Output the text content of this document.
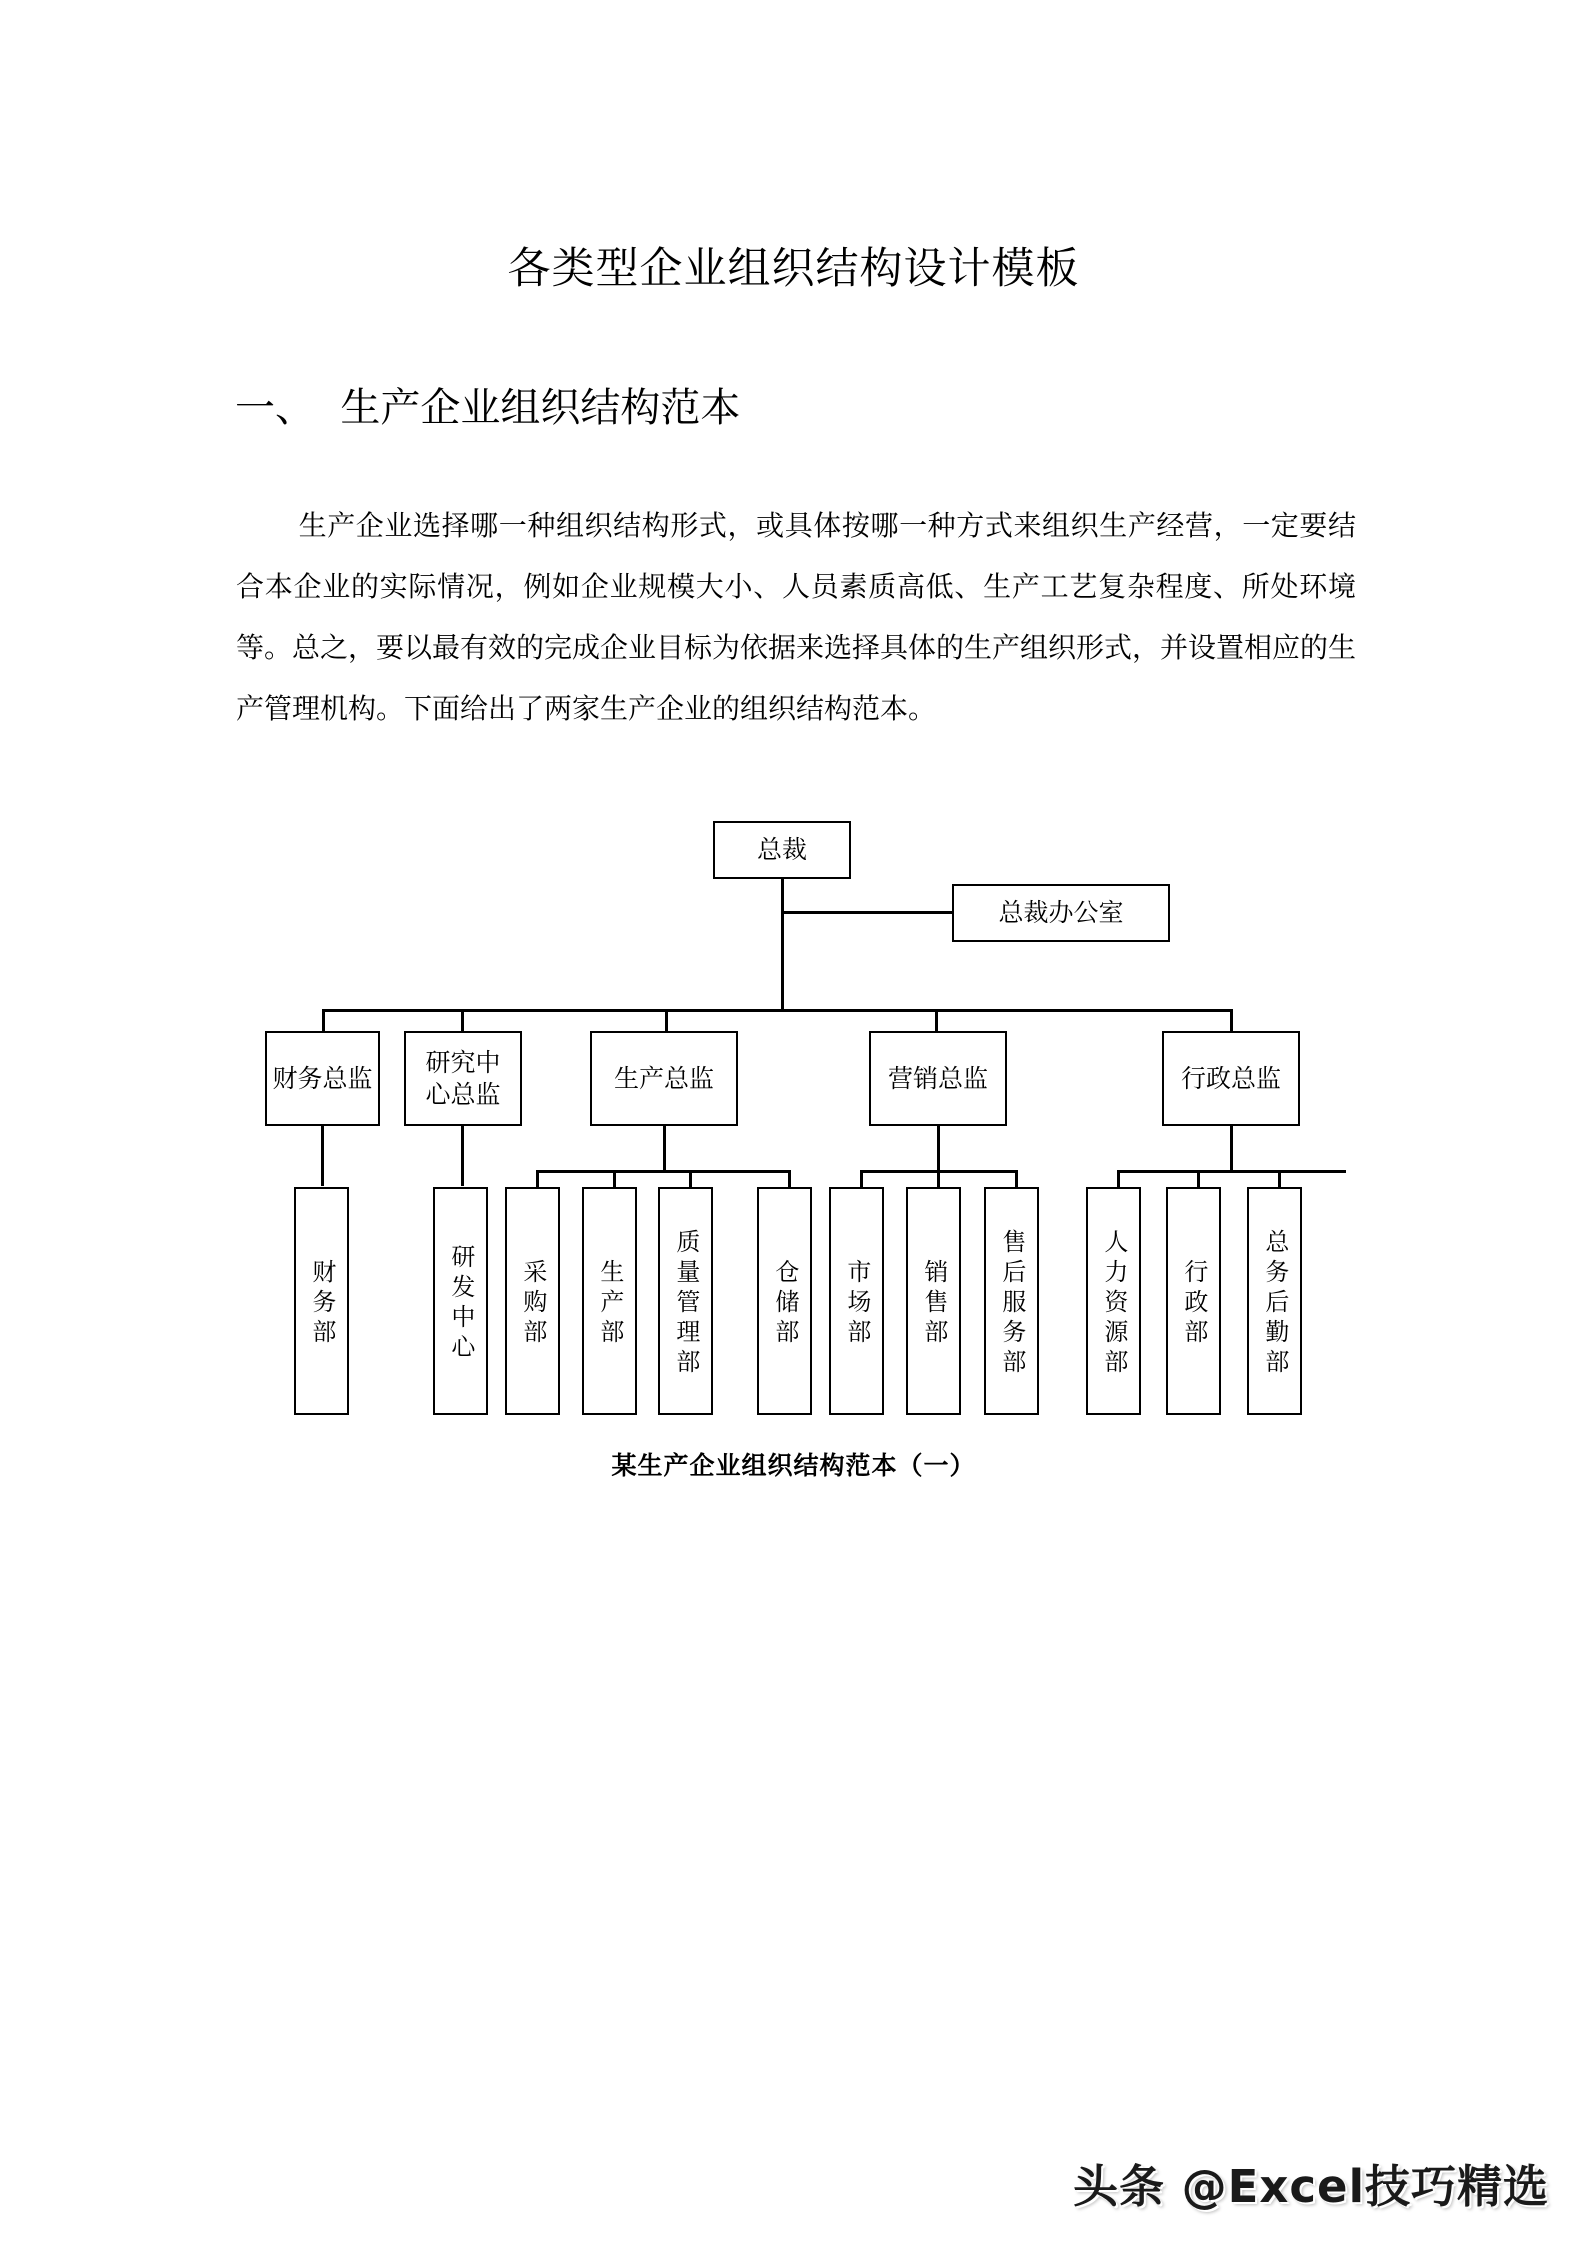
各类型企业组织结构设计模板
一、  生产企业组织结构范本
生产企业选择哪一种组织结构形式，或具体按哪一种方式来组织生产经营，一定要结合本企业的实际情况，例如企业规模大小、人员素质高低、生产工艺复杂程度、所处环境等。总之，要以最有效的完成企业目标为依据来选择具体的生产组织形式，并设置相应的生产管理机构。下面给出了两家生产企业的组织结构范本。
总裁
总裁办公室
财务总监
研究中心总监
生产总监	营销总监	行政总监
财务部	研发中心	采购部	生产部	质量管理部	仓储部	市场部	销售部	售后服务部	人力资源部	行政部	总务后勤部
某生产企业组织结构范本（一）
头条 @Excel技巧精选
